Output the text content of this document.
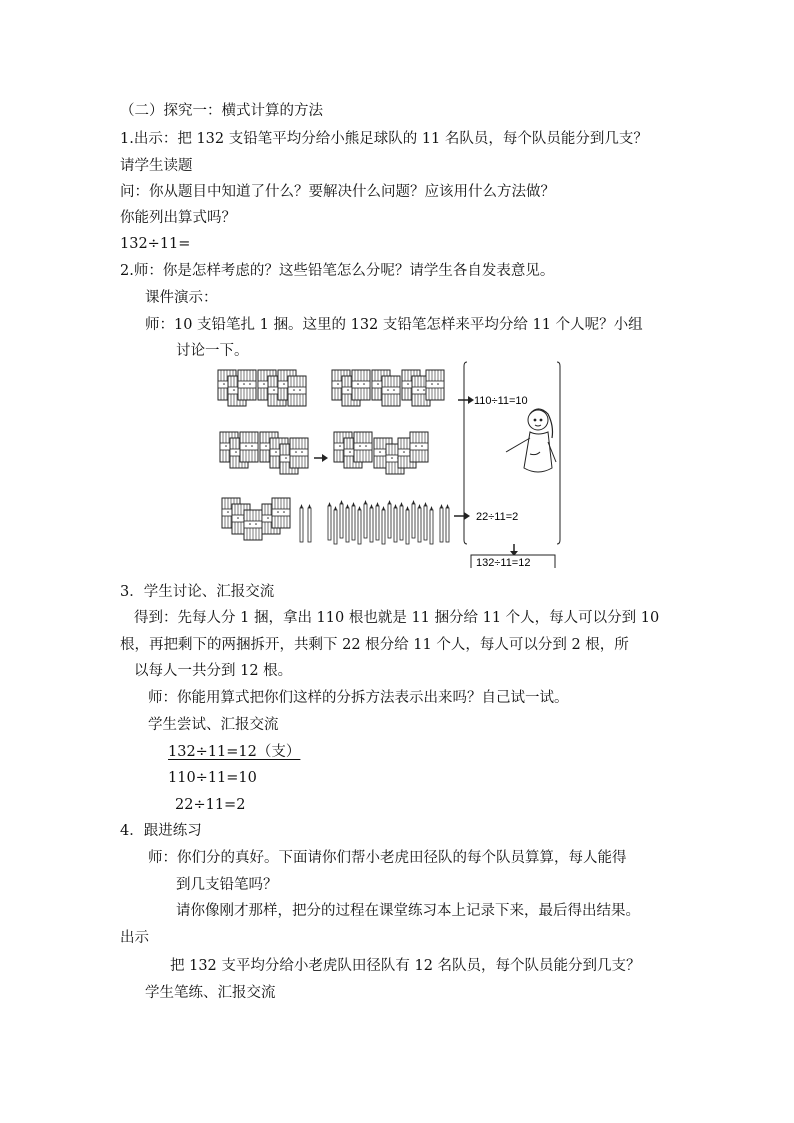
（二）探究一：横式计算的方法
1.出示：把 132 支铅笔平均分给小熊足球队的 11 名队员，每个队员能分到几支？
请学生读题
问：你从题目中知道了什么？要解决什么问题？应该用什么方法做？
你能列出算式吗？
132÷11=
2.师：你是怎样考虑的？这些铅笔怎么分呢？请学生各自发表意见。
课件演示：
师：10 支铅笔扎 1 捆。这里的 132 支铅笔怎样来平均分给 11 个人呢？小组
讨论一下。
110÷11=10
22÷11=2
132÷11=12
3．学生讨论、汇报交流
得到：先每人分 1 捆，拿出 110 根也就是 11 捆分给 11 个人，每人可以分到 10
根，再把剩下的两捆拆开，共剩下 22 根分给 11 个人，每人可以分到 2 根，所
以每人一共分到 12 根。
师：你能用算式把你们这样的分拆方法表示出来吗？自己试一试。
学生尝试、汇报交流
132÷11=12（支）
110÷11=10
22÷11=2
4．跟进练习
师：你们分的真好。下面请你们帮小老虎田径队的每个队员算算，每人能得
到几支铅笔吗？
请你像刚才那样，把分的过程在课堂练习本上记录下来，最后得出结果。
出示
把 132 支平均分给小老虎队田径队有 12 名队员，每个队员能分到几支？
学生笔练、汇报交流
